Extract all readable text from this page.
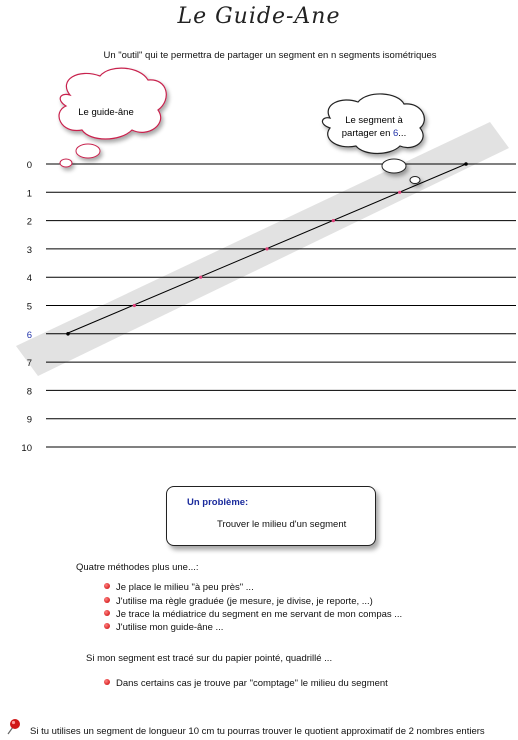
Le Guide-Ane
Un "outil" qui te permettra de partager un segment en n segments isométriques
0
1
2
3
4
5
6
7
8
9
10
Le guide-âne
Le segment à
partager en 6...
Un problème:
Trouver le milieu d'un segment
Quatre méthodes plus une...:
Je place le milieu "à peu près" ...
J'utilise ma règle graduée (je mesure, je divise, je reporte, ...)
Je trace la médiatrice du segment en me servant de mon compas ...
J'utilise mon guide-âne ...
Si mon segment est tracé sur du papier pointé, quadrillé ...
Dans certains cas je trouve par "comptage" le milieu du segment
Si tu utilises un segment de longueur 10 cm tu pourras trouver le quotient approximatif de 2 nombres entiers
